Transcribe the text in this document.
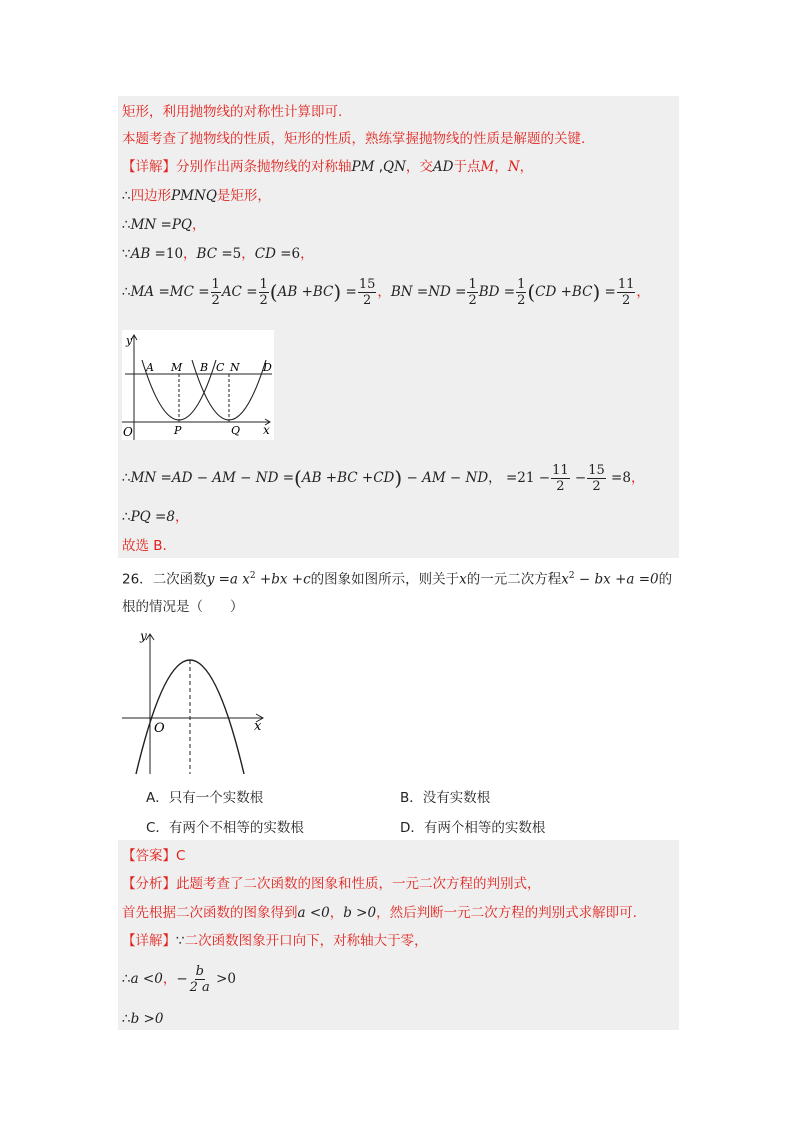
矩形，利用抛物线的对称性计算即可.
本题考查了抛物线的性质，矩形的性质，熟练掌握抛物线的性质是解题的关键.
【详解】分别作出两条抛物线的对称轴PM ,QN，交AD于点M，N，
∴四边形PMNQ是矩形，
∴MN =PQ，
∵AB =10，BC =5，CD =6，
∴MA $=MC = \frac{1}{2}$ AC = $\frac{1}{2} (AB +BC) = \frac{15}{2}$ ，BN $=ND = \frac{1}{2}$ BD = $\frac{1}{2} (CD +BC) = \frac{11}{2}$ ，
y
x
O
A M B C N D
P	Q
∴MN =AD − AM − ND =(AB +BC +CD) − AM − ND， $=21 - \frac{11}{2} - \frac{15}{2} =8$，
∴PQ =8，
故选 B.
26．二次函数y =a $x^2 +bx +c$的图象如图所示，则关于x的一元二次方程$x^2$ − bx +a =0的
根的情况是（　　）
y
x
O
A．只有一个实数根	B．没有实数根
C．有两个不相等的实数根	D．有两个相等的实数根
【答案】C
【分析】此题考查了二次函数的图象和性质，一元二次方程的判别式，
首先根据二次函数的图象得到a <0，b >0，然后判断一元二次方程的判别式求解即可.
【详解】∵二次函数图象开口向下，对称轴大于零，
∴a <0，− $\frac{b}{2 a} >0$
∴b >0
